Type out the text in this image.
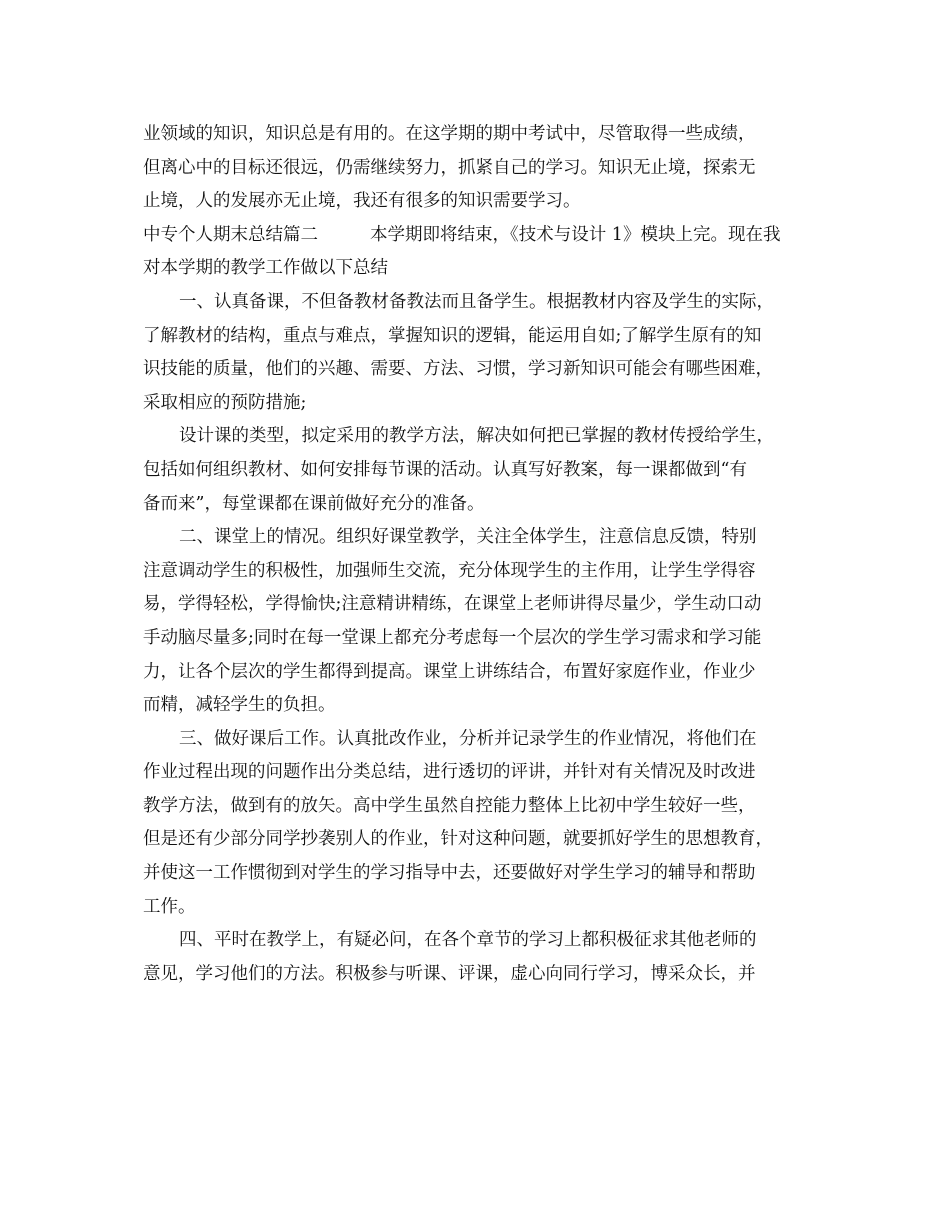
业领域的知识，知识总是有用的。在这学期的期中考试中，尽管取得一些成绩，
但离心中的目标还很远，仍需继续努力，抓紧自己的学习。知识无止境，探索无
止境，人的发展亦无止境，我还有很多的知识需要学习。
中专个人期末总结篇二	本学期即将结束，《技术与设计 1》模块上完。现在我
对本学期的教学工作做以下总结
一、认真备课，不但备教材备教法而且备学生。根据教材内容及学生的实际，
了解教材的结构，重点与难点，掌握知识的逻辑，能运用自如;了解学生原有的知
识技能的质量，他们的兴趣、需要、方法、习惯，学习新知识可能会有哪些困难，
采取相应的预防措施;
设计课的类型，拟定采用的教学方法，解决如何把已掌握的教材传授给学生，
包括如何组织教材、如何安排每节课的活动。认真写好教案，每一课都做到“有
备而来”，每堂课都在课前做好充分的准备。
二、课堂上的情况。组织好课堂教学，关注全体学生，注意信息反馈，特别
注意调动学生的积极性，加强师生交流，充分体现学生的主作用，让学生学得容
易，学得轻松，学得愉快;注意精讲精练，在课堂上老师讲得尽量少，学生动口动
手动脑尽量多;同时在每一堂课上都充分考虑每一个层次的学生学习需求和学习能
力，让各个层次的学生都得到提高。课堂上讲练结合，布置好家庭作业，作业少
而精，减轻学生的负担。
三、做好课后工作。认真批改作业，分析并记录学生的作业情况，将他们在
作业过程出现的问题作出分类总结，进行透切的评讲，并针对有关情况及时改进
教学方法，做到有的放矢。高中学生虽然自控能力整体上比初中学生较好一些，
但是还有少部分同学抄袭别人的作业，针对这种问题，就要抓好学生的思想教育，
并使这一工作惯彻到对学生的学习指导中去，还要做好对学生学习的辅导和帮助
工作。
四、平时在教学上，有疑必问，在各个章节的学习上都积极征求其他老师的
意见，学习他们的方法。积极参与听课、评课，虚心向同行学习，博采众长，并
